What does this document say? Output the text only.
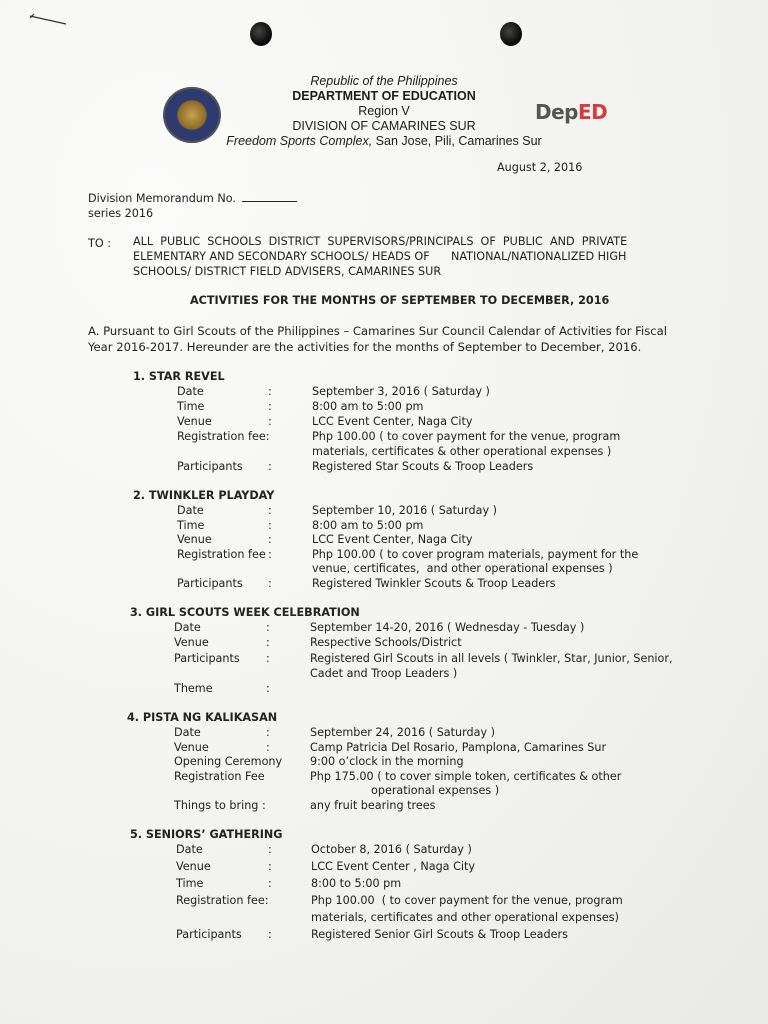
DepED
Republic of the Philippines
DEPARTMENT OF EDUCATION
Region V
DIVISION OF CAMARINES SUR
Freedom Sports Complex, San Jose, Pili, Camarines Sur
August 2, 2016
Division Memorandum No.
series 2016
TO : ALL  PUBLIC  SCHOOLS  DISTRICT  SUPERVISORS/PRINCIPALS  OF  PUBLIC  AND  PRIVATE
ELEMENTARY AND SECONDARY SCHOOLS/ HEADS OF      NATIONAL/NATIONALIZED HIGH
SCHOOLS/ DISTRICT FIELD ADVISERS, CAMARINES SUR
ACTIVITIES FOR THE MONTHS OF SEPTEMBER TO DECEMBER, 2016
A. Pursuant to Girl Scouts of the Philippines – Camarines Sur Council Calendar of Activities for Fiscal
Year 2016-2017. Hereunder are the activities for the months of September to December, 2016.
1. STAR REVEL
Date	:	September 3, 2016 ( Saturday )
Time	:	8:00 am to 5:00 pm
Venue	:	LCC Event Center, Naga City
Registration fee:	Php 100.00 ( to cover payment for the venue, program
materials, certificates & other operational expenses )
Participants :	Registered Star Scouts & Troop Leaders
2. TWINKLER PLAYDAY
Date	:	September 10, 2016 ( Saturday )
Time	:	8:00 am to 5:00 pm
Venue	:	LCC Event Center, Naga City
Registration fee :	Php 100.00 ( to cover program materials, payment for the
venue, certificates,  and other operational expenses )
Participants :	Registered Twinkler Scouts & Troop Leaders
3. GIRL SCOUTS WEEK CELEBRATION
Date	:	September 14-20, 2016 ( Wednesday - Tuesday )
Venue	:	Respective Schools/District
Participants :	Registered Girl Scouts in all levels ( Twinkler, Star, Junior, Senior,
Cadet and Troop Leaders )
Theme	:
4. PISTA NG KALIKASAN
Date	:	September 24, 2016 ( Saturday )
Venue	:	Camp Patricia Del Rosario, Pamplona, Camarines Sur
Opening Ceremony 9:00 o’clock in the morning
Registration Fee	Php 175.00 ( to cover simple token, certificates & other
operational expenses )
Things to bring :	any fruit bearing trees
5. SENIORS’ GATHERING
Date	:	October 8, 2016 ( Saturday )
Venue	:	LCC Event Center , Naga City
Time	:	8:00 to 5:00 pm
Registration fee:	Php 100.00  ( to cover payment for the venue, program
materials, certificates and other operational expenses)
Participants :	Registered Senior Girl Scouts & Troop Leaders
